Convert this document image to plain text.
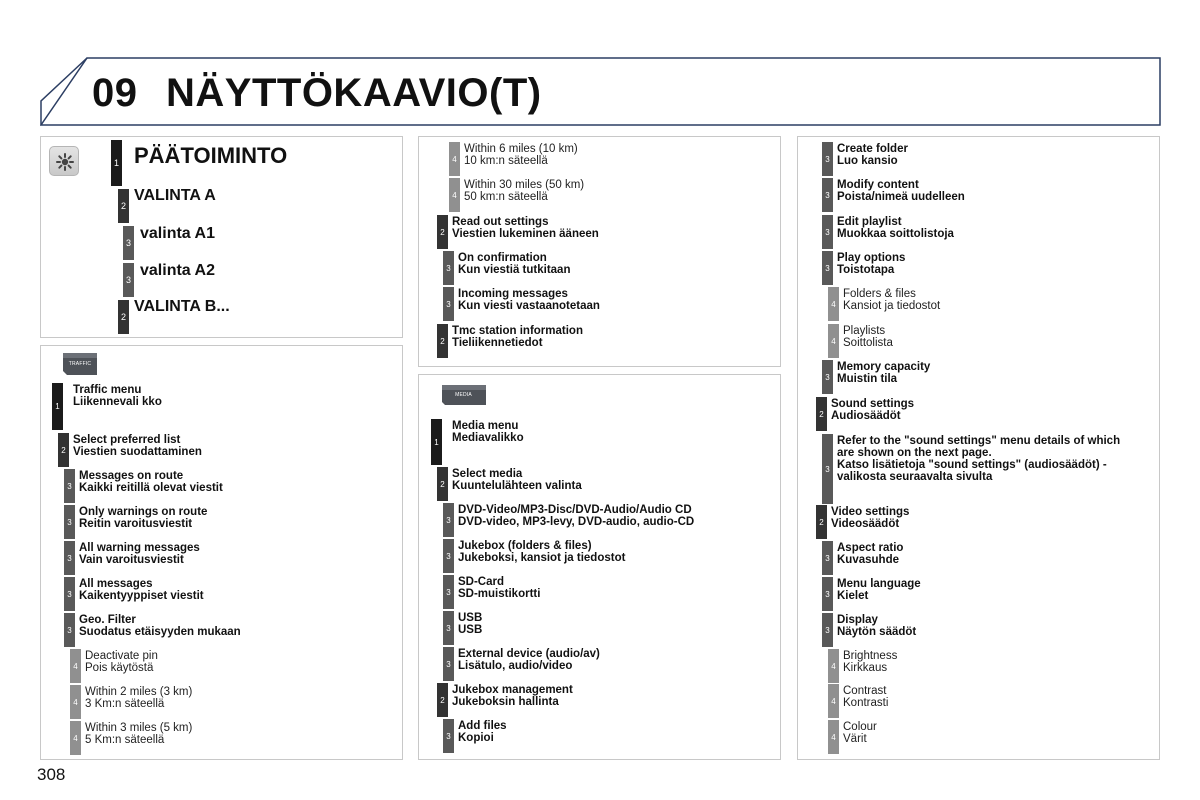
09 NÄYTTÖKAAVIO(T)
1 PÄÄTOIMINTO
2
VALINTA A
3
valinta A1
3
valinta A2
2
VALINTA B...
TRAFFIC
1
Traffic menu
Liikennevali kko
2
Select preferred list
Viestien suodattaminen
3
Messages on route
Kaikki reitillä olevat viestit
3
Only warnings on route
Reitin varoitusviestit
3
All warning messages
Vain varoitusviestit
3
All messages
Kaikentyyppiset viestit
3
Geo. Filter
Suodatus etäisyyden mukaan
4
Deactivate pin
Pois käytöstä
4
Within 2 miles (3 km)
3 Km:n säteellä
4
Within 3 miles (5 km)
5 Km:n säteellä
4
Within 6 miles (10 km)
10 km:n säteellä
4
Within 30 miles (50 km)
50 km:n säteellä
2
Read out settings
Viestien lukeminen ääneen
3
On confirmation
Kun viestiä tutkitaan
3
Incoming messages
Kun viesti vastaanotetaan
2
Tmc station information
Tieliikennetiedot
MEDIA
1
Media menu
Mediavalikko
2
Select media
Kuuntelulähteen valinta
3
DVD-Video/MP3-Disc/DVD-Audio/Audio CD
DVD-video, MP3-levy, DVD-audio, audio-CD
3
Jukebox (folders & files)
Jukeboksi, kansiot ja tiedostot
3
SD-Card
SD-muistikortti
3
USB
USB
3
External device (audio/av)
Lisätulo, audio/video
2
Jukebox management
Jukeboksin hallinta
3
Add files
Kopioi
3
Create folder
Luo kansio
3
Modify content
Poista/nimeä uudelleen
3
Edit playlist
Muokkaa soittolistoja
3
Play options
Toistotapa
4
Folders & files
Kansiot ja tiedostot
4
Playlists
Soittolista
3
Memory capacity
Muistin tila
2
Sound settings
Audiosäädöt
3
Refer to the "sound settings" menu details of which
are shown on the next page.
Katso lisätietoja "sound settings" (audiosäädöt) -
valikosta seuraavalta sivulta
2
Video settings
Videosäädöt
3
Aspect ratio
Kuvasuhde
3
Menu language
Kielet
3
Display
Näytön säädöt
4
Brightness
Kirkkaus
4
Contrast
Kontrasti
4
Colour
Värit
308
